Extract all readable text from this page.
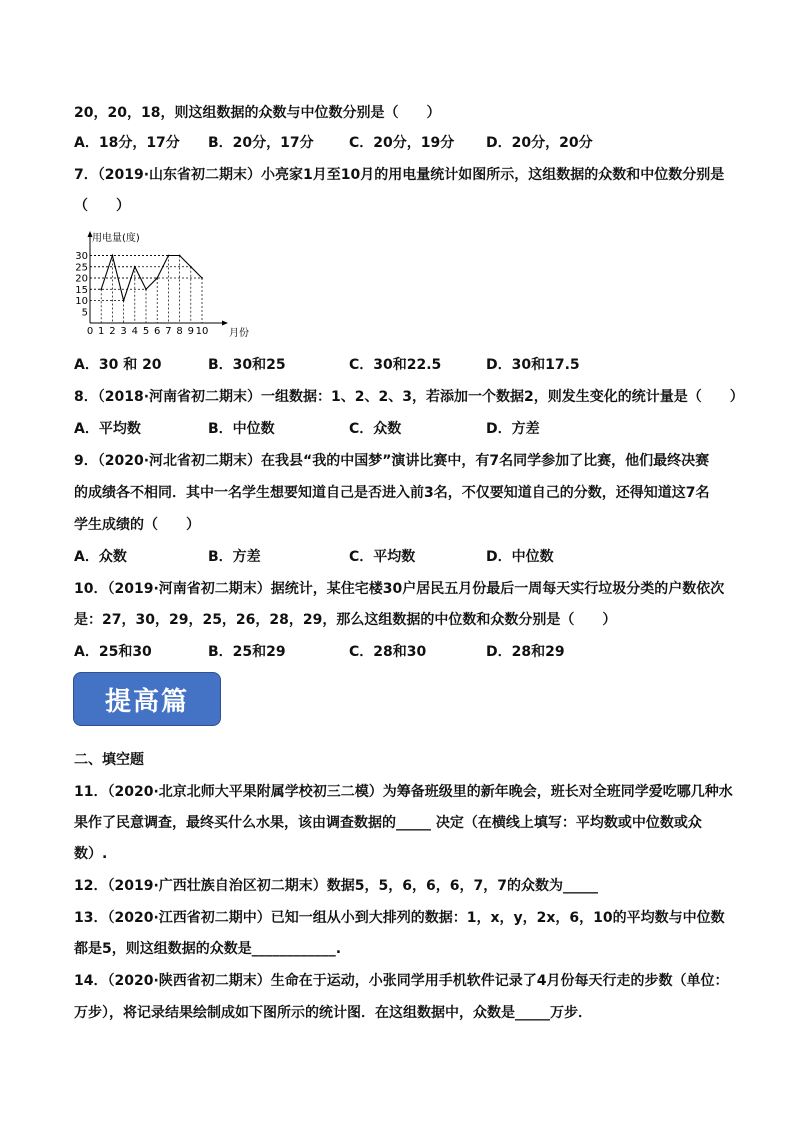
20，20，18，则这组数据的众数与中位数分别是（　　）
A．18分，17分 B．20分，17分	C．20分，19分 D．20分，20分
7．（2019·山东省初二期末）小亮家1月至10月的用电量统计如图所示，这组数据的众数和中位数分别是
（　　）
0 1 2 3 4 5 6 7 8 9 10
5
10
15
20
25
30
用电量(度)
月份
A．30 和 20	B．30和25	C．30和22.5	D．30和17.5
8．（2018·河南省初二期末）一组数据：1、2、2、3，若添加一个数据2，则发生变化的统计量是（　　）
A．平均数	B．中位数	C．众数	D．方差
9．（2020·河北省初二期末）在我县“我的中国梦”演讲比赛中，有7名同学参加了比赛，他们最终决赛
的成绩各不相同．其中一名学生想要知道自己是否进入前3名，不仅要知道自己的分数，还得知道这7名
学生成绩的（　　）
A．众数	B．方差	C．平均数	D．中位数
10．（2019·河南省初二期末）据统计，某住宅楼30户居民五月份最后一周每天实行垃圾分类的户数依次
是：27，30，29，25，26，28，29，那么这组数据的中位数和众数分别是（　　）
A．25和30	B．25和29	C．28和30	D．28和29
提高篇
二、填空题
11．（2020·北京北师大平果附属学校初三二模）为筹备班级里的新年晚会，班长对全班同学爱吃哪几种水
果作了民意调查，最终买什么水果，该由调查数据的_____ 决定（在横线上填写：平均数或中位数或众
数）.
12．（2019·广西壮族自治区初二期末）数据5，5，6，6，6，7，7的众数为_____
13．（2020·江西省初二期中）已知一组从小到大排列的数据：1，x，y，2x，6，10的平均数与中位数
都是5，则这组数据的众数是____________.
14．（2020·陕西省初二期末）生命在于运动，小张同学用手机软件记录了4月份每天行走的步数（单位：
万步），将记录结果绘制成如下图所示的统计图．在这组数据中，众数是_____万步．
